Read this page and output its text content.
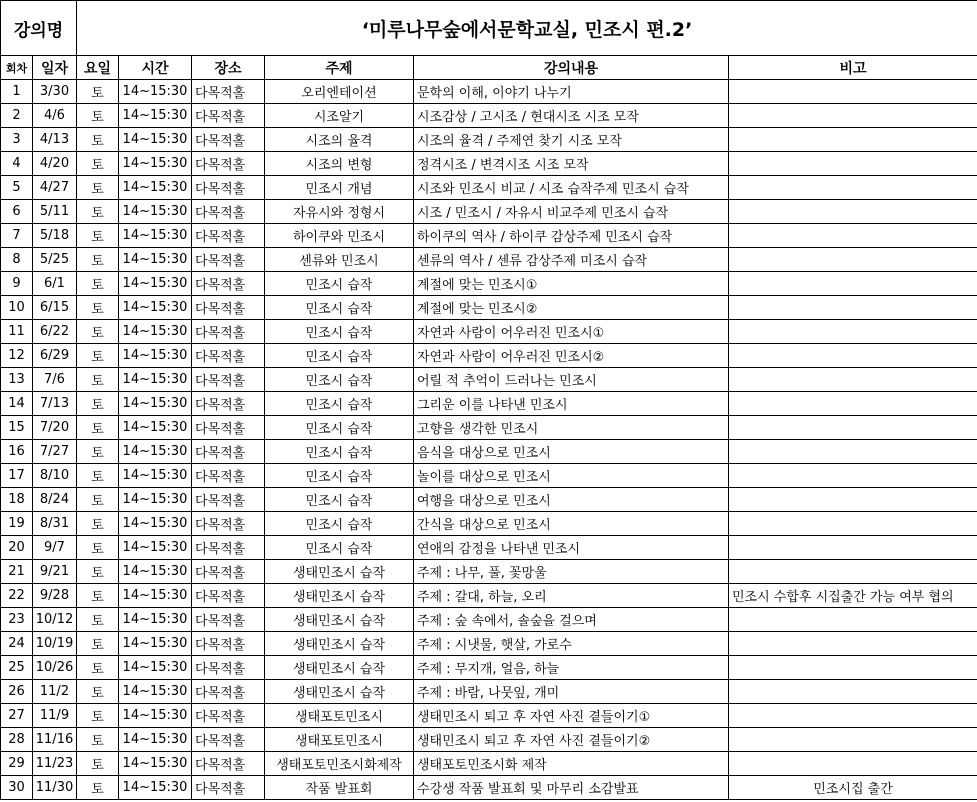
강의명		‘미루나무숲에서문학교실, 민조시 편.2’					
회차	일자	요일	시간	장소	주제	강의내용	비고
1	3/30	토	14~15:30	다목적홀	오리엔테이션	문학의 이해, 이야기 나누기	
2	4/6	토	14~15:30	다목적홀	시조알기	시조감상 / 고시조 / 현대시조 시조 모작	
3	4/13	토	14~15:30	다목적홀	시조의 율격	시조의 율격 / 주제연 찾기 시조 모작	
4	4/20	토	14~15:30	다목적홀	시조의 변형	정격시조 / 변격시조 시조 모작	
5	4/27	토	14~15:30	다목적홀	민조시 개념	시조와 민조시 비교 / 시조 습작주제 민조시 습작	
6	5/11	토	14~15:30	다목적홀	자유시와 정형시	시조 / 민조시 / 자유시 비교주제 민조시 습작	
7	5/18	토	14~15:30	다목적홀	하이쿠와 민조시	하이쿠의 역사 / 하이쿠 감상주제 민조시 습작	
8	5/25	토	14~15:30	다목적홀	센류와 민조시	센류의 역사 / 센류 감상주제 미조시 습작	
9	6/1	토	14~15:30	다목적홀	민조시 습작	계절에 맞는 민조시①	
10	6/15	토	14~15:30	다목적홀	민조시 습작	계절에 맞는 민조시②	
11	6/22	토	14~15:30	다목적홀	민조시 습작	자연과 사람이 어우러진 민조시①	
12	6/29	토	14~15:30	다목적홀	민조시 습작	자연과 사람이 어우러진 민조시②	
13	7/6	토	14~15:30	다목적홀	민조시 습작	어릴 적 추억이 드러나는 민조시	
14	7/13	토	14~15:30	다목적홀	민조시 습작	그리운 이를 나타낸 민조시	
15	7/20	토	14~15:30	다목적홀	민조시 습작	고향을 생각한 민조시	
16	7/27	토	14~15:30	다목적홀	민조시 습작	음식을 대상으로 민조시	
17	8/10	토	14~15:30	다목적홀	민조시 습작	놀이를 대상으로 민조시	
18	8/24	토	14~15:30	다목적홀	민조시 습작	여행을 대상으로 민조시	
19	8/31	토	14~15:30	다목적홀	민조시 습작	간식을 대상으로 민조시	
20	9/7	토	14~15:30	다목적홀	민조시 습작	연애의 감정을 나타낸 민조시	
21	9/21	토	14~15:30	다목적홀	생태민조시 습작	주제 : 나무, 풀, 꽃망울	
22	9/28	토	14~15:30	다목적홀	생태민조시 습작	주제 : 갈대, 하늘, 오리	민조시 수합후 시집출간 가능 여부 협의
23	10/12	토	14~15:30	다목적홀	생태민조시 습작	주제 : 숲 속에서, 솔숲을 걸으며	
24	10/19	토	14~15:30	다목적홀	생태민조시 습작	주제 : 시냇물, 햇살, 가로수	
25	10/26	토	14~15:30	다목적홀	생태민조시 습작	주제 : 무지개, 얼음, 하늘	
26	11/2	토	14~15:30	다목적홀	생태민조시 습작	주제 : 바람, 나뭇잎, 개미	
27	11/9	토	14~15:30	다목적홀	생태포토민조시	생태민조시 퇴고 후 자연 사진 곁들이기①	
28	11/16	토	14~15:30	다목적홀	생태포토민조시	생태민조시 퇴고 후 자연 사진 곁들이기②	
29	11/23	토	14~15:30	다목적홀	생태포토민조시화제작	생태포토민조시화 제작	
30	11/30	토	14~15:30	다목적홀	작품 발표회	수강생 작품 발표회 및 마무리 소감발표	민조시집 출간
